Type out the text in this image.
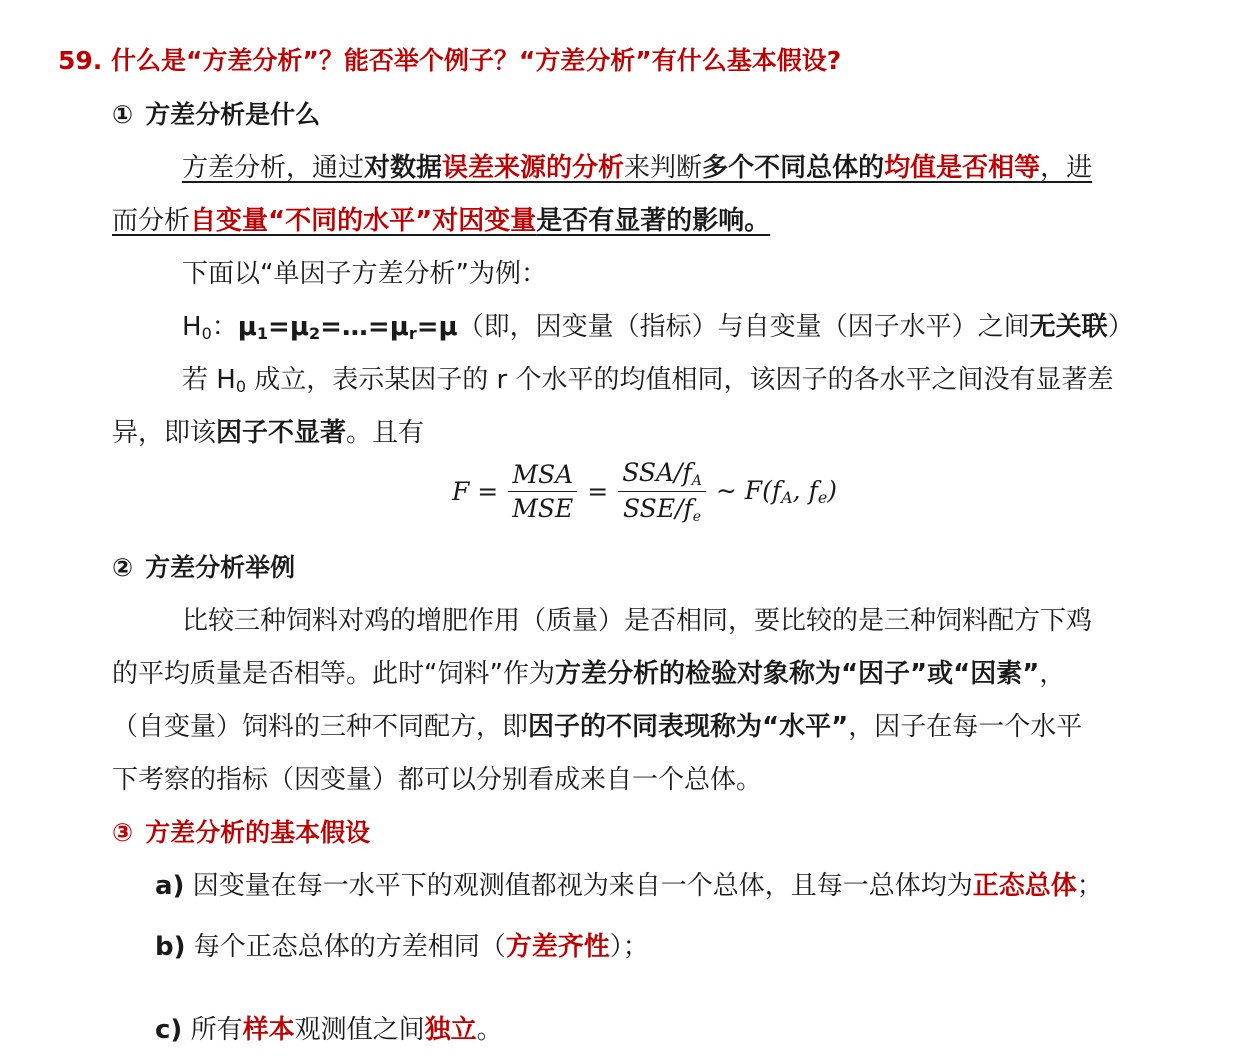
59. 什么是“方差分析”？能否举个例子？“方差分析”有什么基本假设?
① 方差分析是什么
方差分析，通过对数据误差来源的分析来判断多个不同总体的均值是否相等，进
而分析自变量“不同的水平”对因变量是否有显著的影响。
下面以“单因子方差分析”为例：
$H_0$：$\mu_1=\mu_2=\dots=\mu_r=\mu$（即，因变量（指标）与自变量（因子水平）之间无关联）
若 $H_0$ 成立，表示某因子的 r 个水平的均值相同，该因子的各水平之间没有显著差
异，即该因子不显著。且有
$F = \frac{\text{MSA}}{\text{MSE}} = \frac{SSA/f_A}{SSE/f_e}$ ∼ $F(f_A$, $f_e$)
② 方差分析举例
比较三种饲料对鸡的增肥作用（质量）是否相同，要比较的是三种饲料配方下鸡
的平均质量是否相等。此时“饲料”作为方差分析的检验对象称为“因子”或“因素”，
（自变量）饲料的三种不同配方，即因子的不同表现称为“水平”，因子在每一个水平
下考察的指标（因变量）都可以分别看成来自一个总体。
③ 方差分析的基本假设
a) 因变量在每一水平下的观测值都视为来自一个总体，且每一总体均为正态总体；
b) 每个正态总体的方差相同（方差齐性）；
c) 所有样本观测值之间独立。
